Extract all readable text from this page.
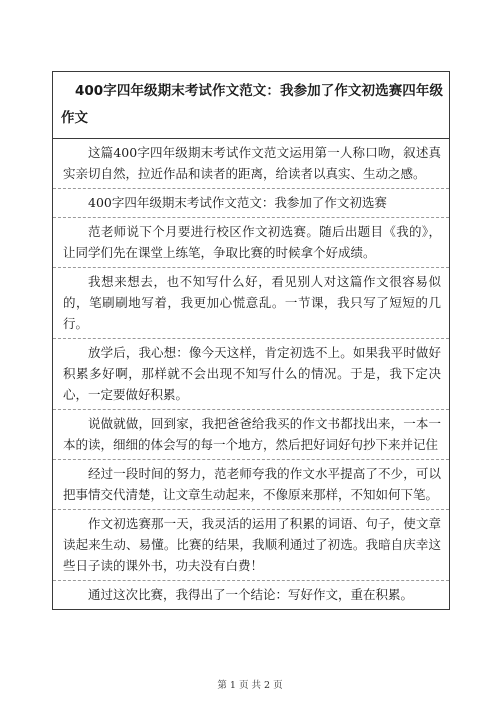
400字四年级期末考试作文范文：我参加了作文初选赛四年级作文

这篇400字四年级期末考试作文范文运用第一人称口吻，叙述真实亲切自然，拉近作品和读者的距离，给读者以真实、生动之感。

400字四年级期末考试作文范文：我参加了作文初选赛

范老师说下个月要进行校区作文初选赛。随后出题目《我的》，让同学们先在课堂上练笔，争取比赛的时候拿个好成绩。

我想来想去，也不知写什么好，看见别人对这篇作文很容易似的，笔刷刷地写着，我更加心慌意乱。一节课，我只写了短短的几行。

放学后，我心想：像今天这样，肯定初选不上。如果我平时做好积累多好啊，那样就不会出现不知写什么的情况。于是，我下定决心，一定要做好积累。

说做就做，回到家，我把爸爸给我买的作文书都找出来，一本一本的读，细细的体会写的每一个地方，然后把好词好句抄下来并记住

经过一段时间的努力，范老师夸我的作文水平提高了不少，可以把事情交代清楚，让文章生动起来，不像原来那样，不知如何下笔。

作文初选赛那一天，我灵活的运用了积累的词语、句子，使文章读起来生动、易懂。比赛的结果，我顺利通过了初选。我暗自庆幸这些日子读的课外书，功夫没有白费！

通过这次比赛，我得出了一个结论：写好作文，重在积累。

第 1 页 共 2 页
